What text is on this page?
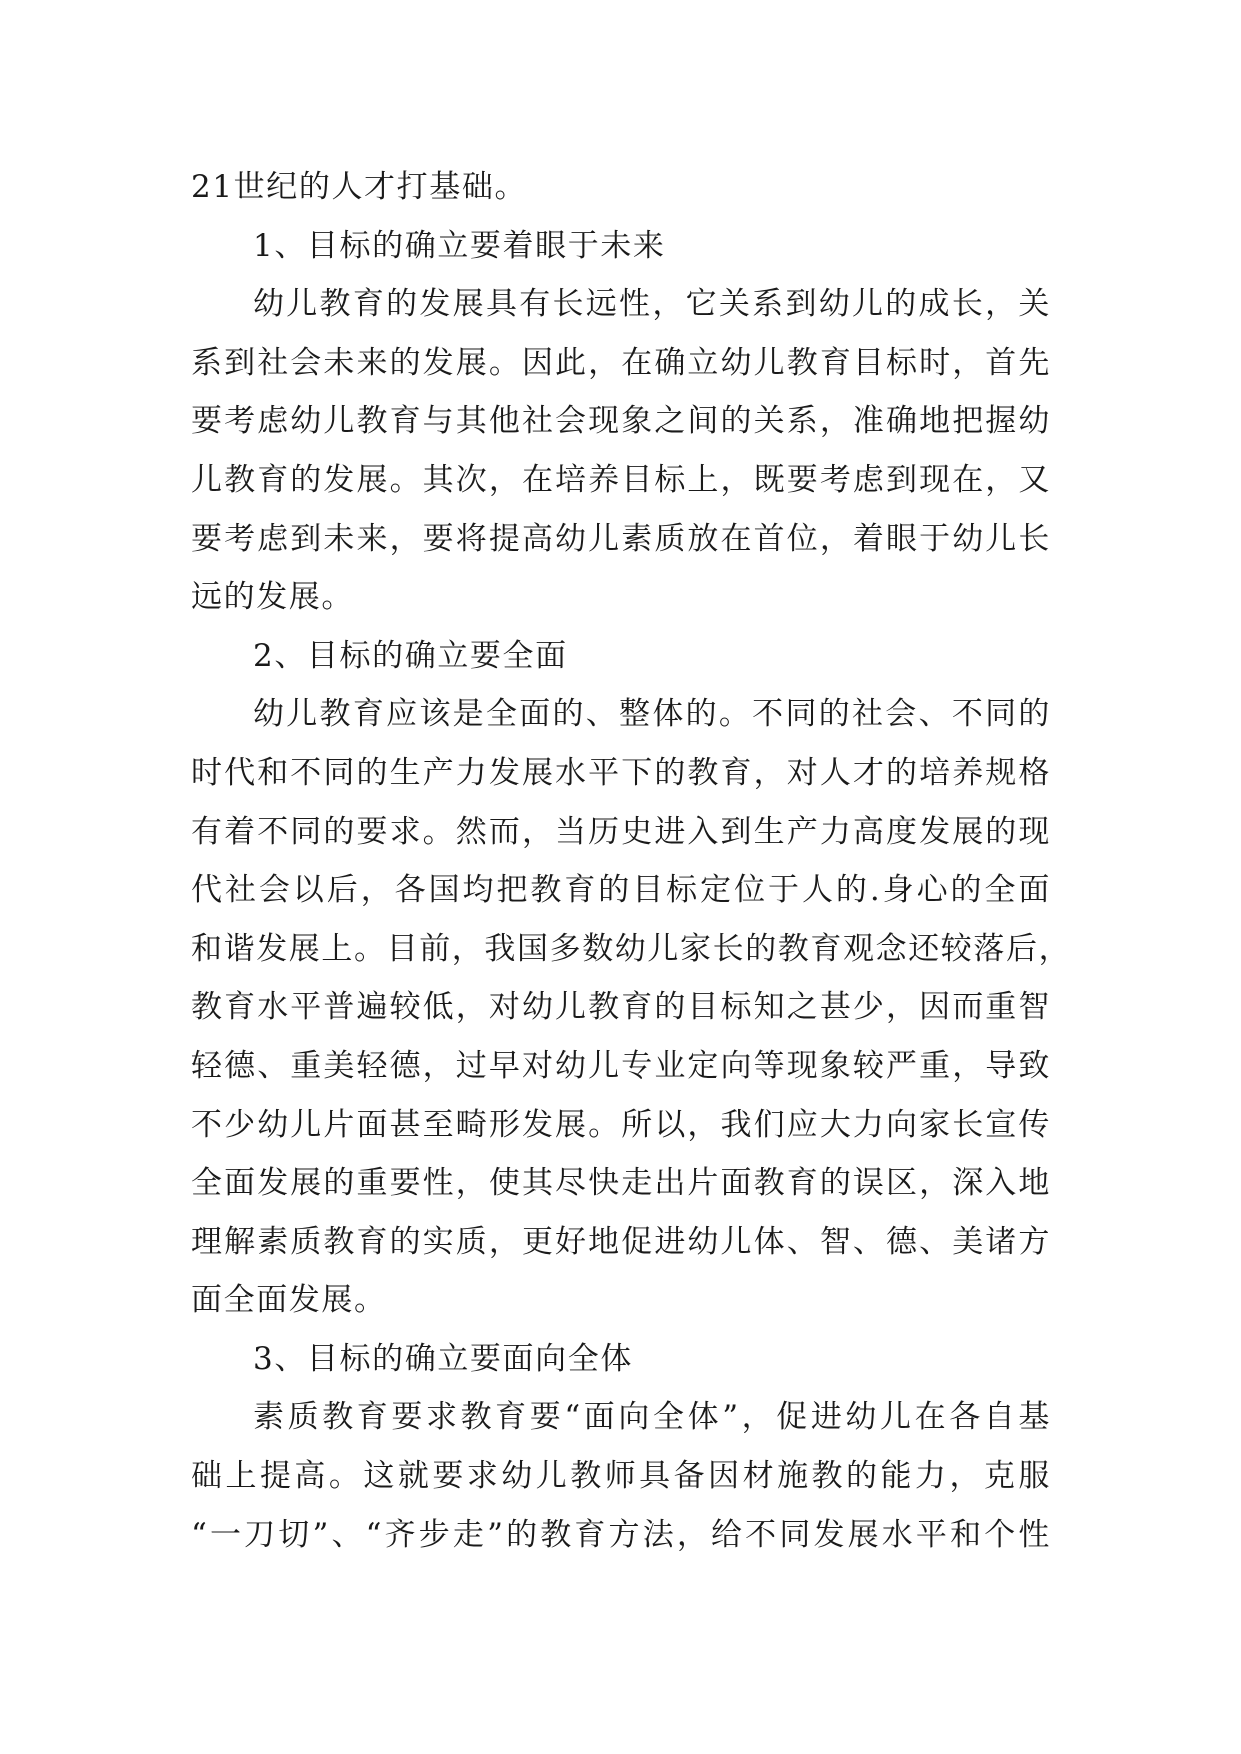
21世纪的人才打基础。
1、目标的确立要着眼于未来
幼儿教育的发展具有长远性，它关系到幼儿的成长，关
系到社会未来的发展。因此，在确立幼儿教育目标时，首先
要考虑幼儿教育与其他社会现象之间的关系，准确地把握幼
儿教育的发展。其次，在培养目标上，既要考虑到现在，又
要考虑到未来，要将提高幼儿素质放在首位，着眼于幼儿长
远的发展。
2、目标的确立要全面
幼儿教育应该是全面的、整体的。不同的社会、不同的
时代和不同的生产力发展水平下的教育，对人才的培养规格
有着不同的要求。然而，当历史进入到生产力高度发展的现
代社会以后，各国均把教育的目标定位于人的.身心的全面
和谐发展上。目前，我国多数幼儿家长的教育观念还较落后，
教育水平普遍较低，对幼儿教育的目标知之甚少，因而重智
轻德、重美轻德，过早对幼儿专业定向等现象较严重，导致
不少幼儿片面甚至畸形发展。所以，我们应大力向家长宣传
全面发展的重要性，使其尽快走出片面教育的误区，深入地
理解素质教育的实质，更好地促进幼儿体、智、德、美诸方
面全面发展。
3、目标的确立要面向全体
素质教育要求教育要“面向全体”，促进幼儿在各自基
础上提高。这就要求幼儿教师具备因材施教的能力，克服
“一刀切”、“齐步走”的教育方法，给不同发展水平和个性
